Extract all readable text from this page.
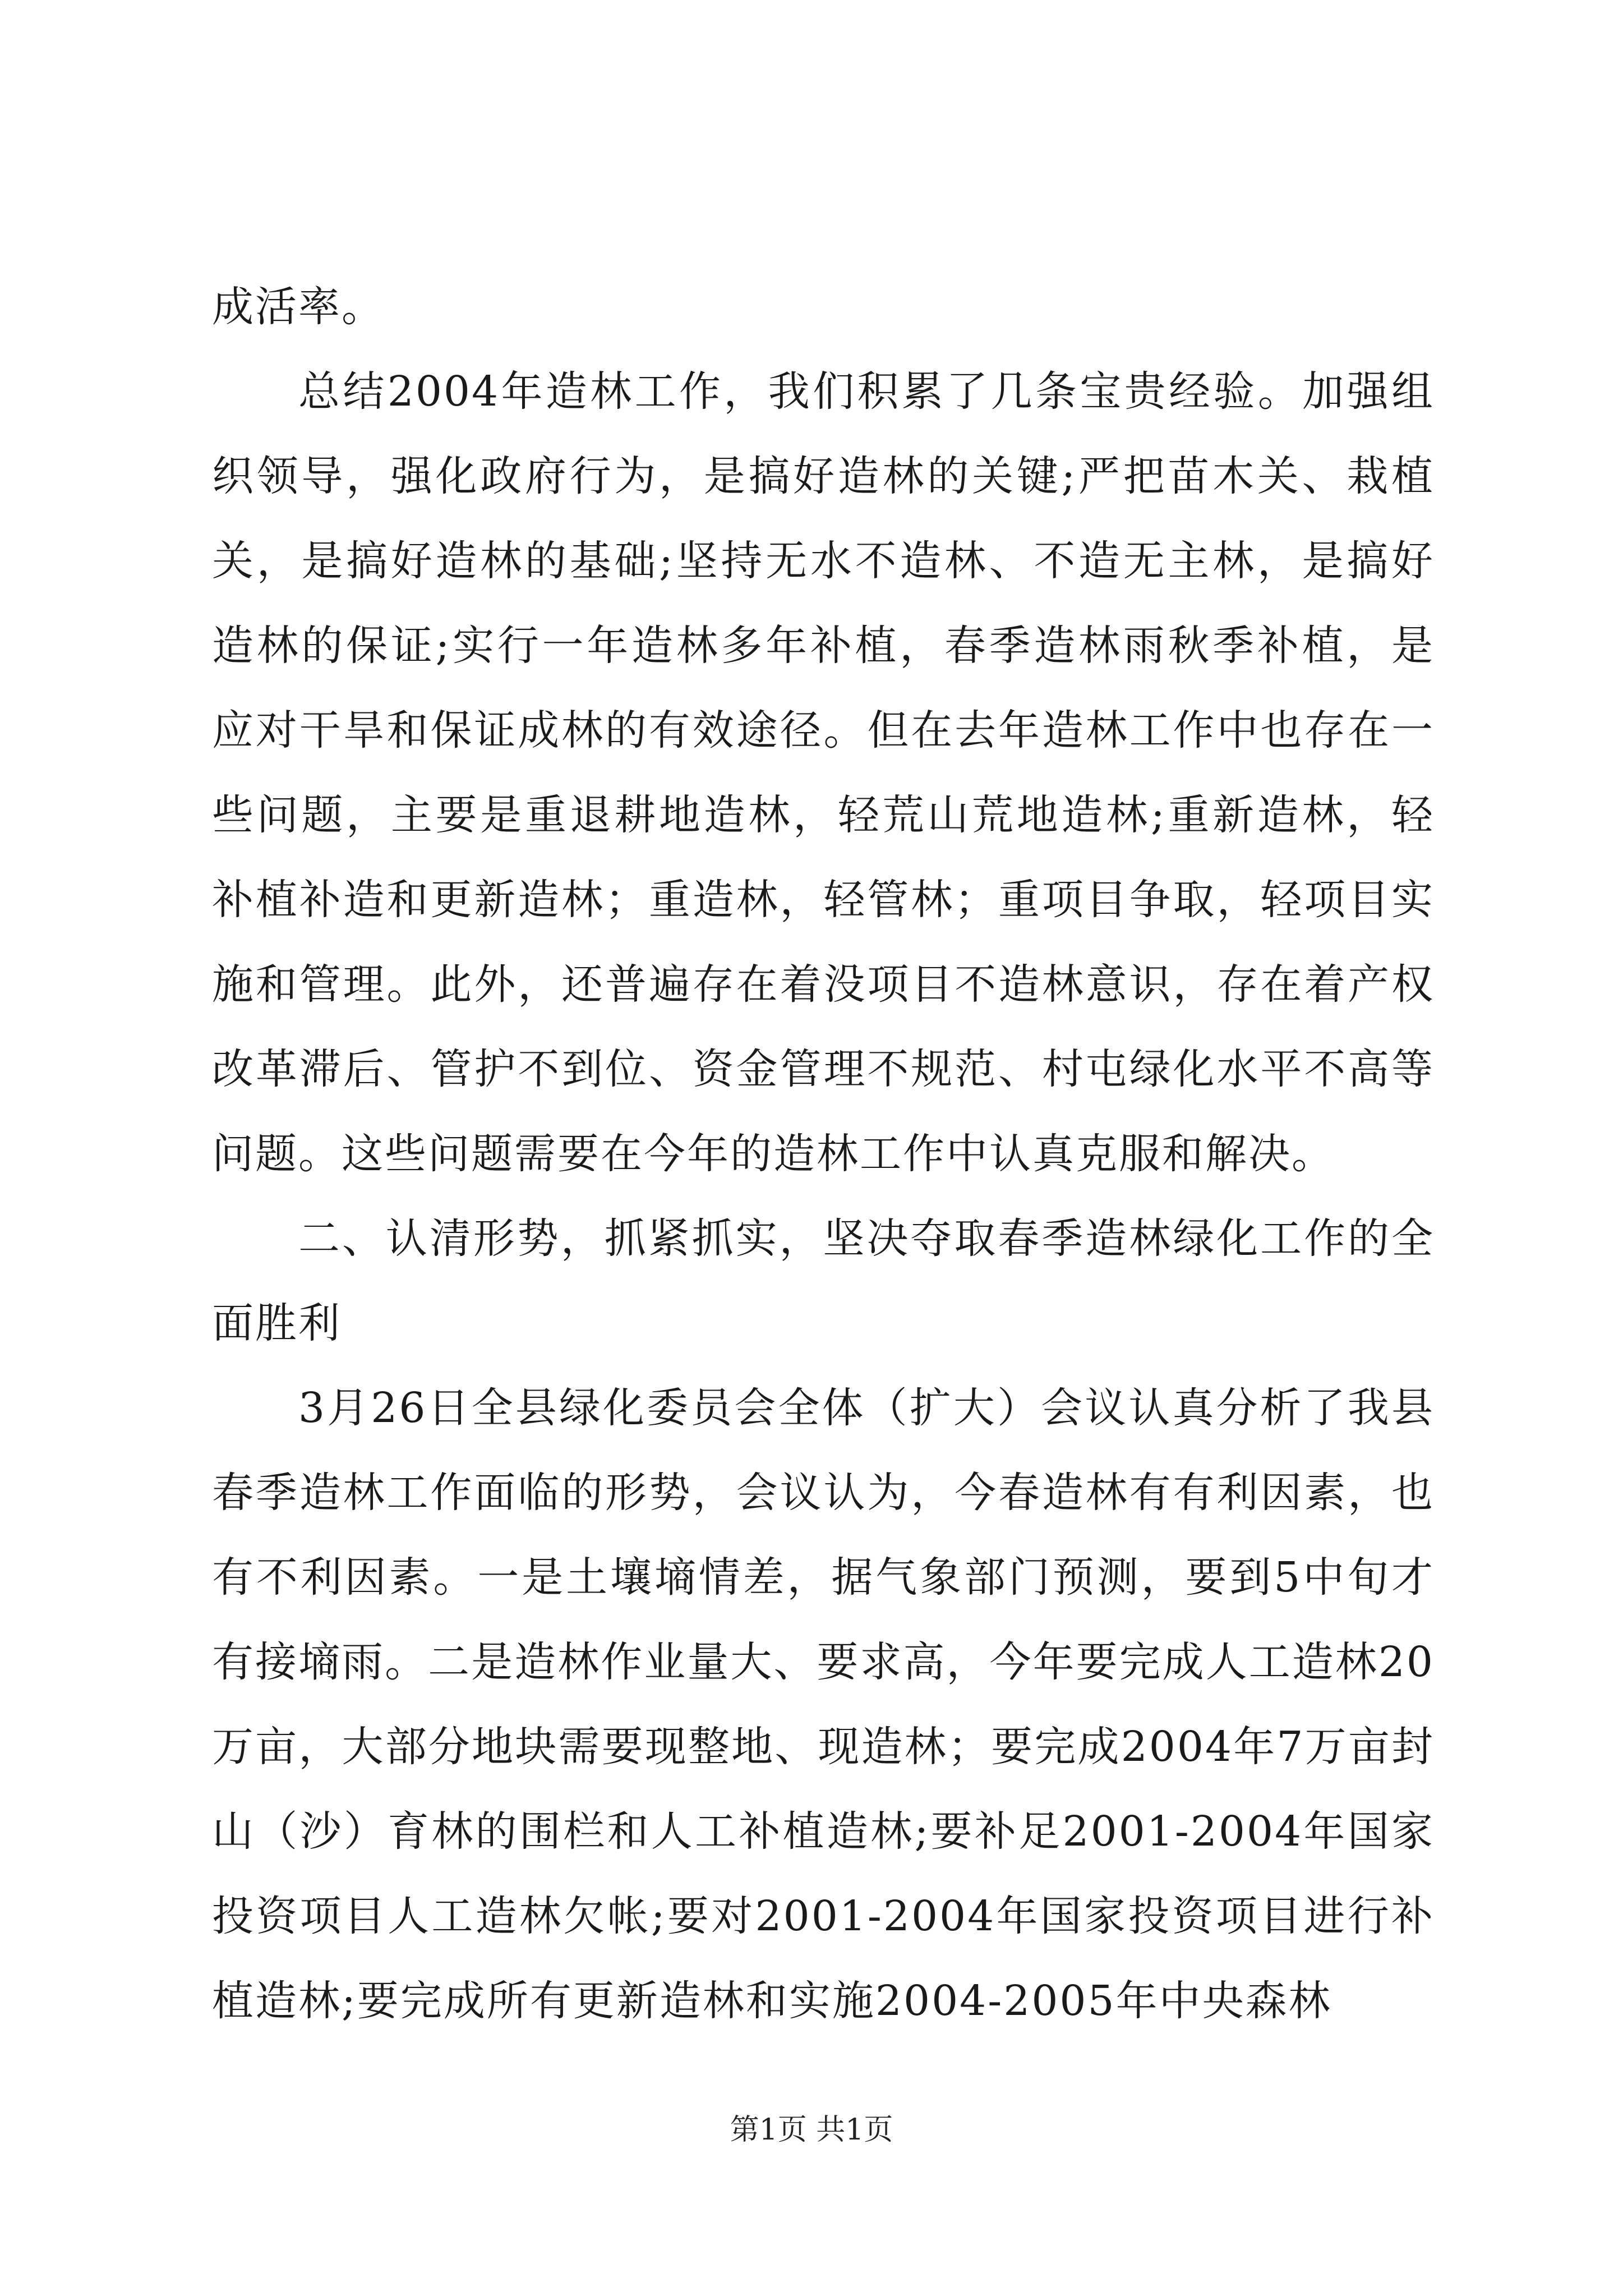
成活率。

总结2004年造林工作，我们积累了几条宝贵经验。加强组织领导，强化政府行为，是搞好造林的关键;严把苗木关、栽植关，是搞好造林的基础;坚持无水不造林、不造无主林，是搞好造林的保证;实行一年造林多年补植，春季造林雨秋季补植，是应对干旱和保证成林的有效途径。但在去年造林工作中也存在一些问题，主要是重退耕地造林，轻荒山荒地造林;重新造林，轻补植补造和更新造林；重造林，轻管林；重项目争取，轻项目实施和管理。此外，还普遍存在着没项目不造林意识，存在着产权改革滞后、管护不到位、资金管理不规范、村屯绿化水平不高等问题。这些问题需要在今年的造林工作中认真克服和解决。

二、认清形势，抓紧抓实，坚决夺取春季造林绿化工作的全面胜利

3月26日全县绿化委员会全体（扩大）会议认真分析了我县春季造林工作面临的形势，会议认为，今春造林有有利因素，也有不利因素。一是土壤墒情差，据气象部门预测，要到5中旬才有接墒雨。二是造林作业量大、要求高，今年要完成人工造林20万亩，大部分地块需要现整地、现造林；要完成2004年7万亩封山（沙）育林的围栏和人工补植造林;要补足2001-2004年国家投资项目人工造林欠帐;要对2001-2004年国家投资项目进行补植造林;要完成所有更新造林和实施2004-2005年中央森林

第1页 共1页
